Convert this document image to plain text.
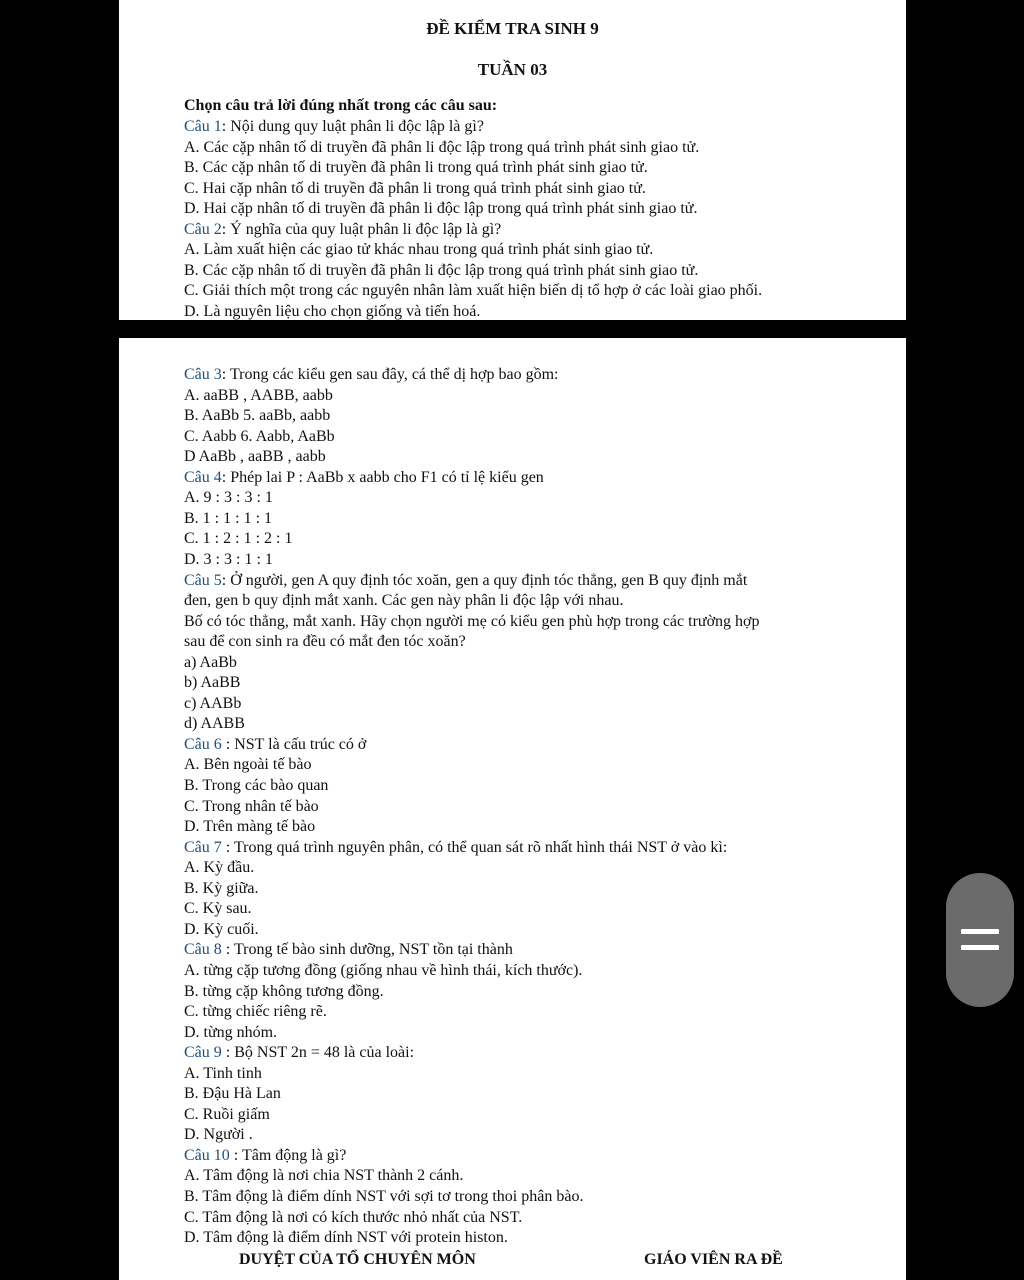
ĐỀ KIỂM TRA SINH 9
TUẦN 03
Chọn câu trả lời đúng nhất trong các câu sau:
Câu 1: Nội dung quy luật phân li độc lập là gì?
A. Các cặp nhân tố di truyền đã phân li độc lập trong quá trình phát sinh giao tử.
B. Các cặp nhân tố di truyền đã phân li trong quá trình phát sinh giao tử.
C. Hai cặp nhân tố di truyền đã phân li trong quá trình phát sinh giao tử.
D. Hai cặp nhân tố di truyền đã phân li độc lập trong quá trình phát sinh giao tử.
Câu 2: Ý nghĩa của quy luật phân li độc lập là gì?
A. Làm xuất hiện các giao tử khác nhau trong quá trình phát sinh giao tử.
B. Các cặp nhân tố di truyền đã phân li độc lập trong quá trình phát sinh giao tử.
C. Giải thích một trong các nguyên nhân làm xuất hiện biến dị tổ hợp ở các loài giao phối.
D. Là nguyên liệu cho chọn giống và tiến hoá.
Câu 3: Trong các kiểu gen sau đây, cá thể dị hợp bao gồm:
A. aaBB , AABB, aabb
B. AaBb 5. aaBb, aabb
C. Aabb 6. Aabb, AaBb
D AaBb , aaBB , aabb
Câu 4: Phép lai P : AaBb x aabb cho F1 có tỉ lệ kiểu gen
A. 9 : 3 : 3 : 1
B. 1 : 1 : 1 : 1
C. 1 : 2 : 1 : 2 : 1
D. 3 : 3 : 1 : 1
Câu 5: Ở người, gen A quy định tóc xoăn, gen a quy định tóc thẳng, gen B quy định mắt
đen, gen b quy định mắt xanh. Các gen này phân li độc lập với nhau.
Bố có tóc thẳng, mắt xanh. Hãy chọn người mẹ có kiểu gen phù hợp trong các trường hợp
sau để con sinh ra đều có mắt đen tóc xoăn?
a) AaBb
b) AaBB
c) AABb
d) AABB
Câu 6 : NST là cấu trúc có ở
A. Bên ngoài tế bào
B. Trong các bào quan
C. Trong nhân tế bào
D. Trên màng tế bào
Câu 7 : Trong quá trình nguyên phân, có thể quan sát rõ nhất hình thái NST ở vào kì:
A. Kỳ đầu.
B. Kỳ giữa.
C. Kỳ sau.
D. Kỳ cuối.
Câu 8 : Trong tế bào sinh dưỡng, NST tồn tại thành
A. từng cặp tương đồng (giống nhau về hình thái, kích thước).
B. từng cặp không tương đồng.
C. từng chiếc riêng rẽ.
D. từng nhóm.
Câu 9 : Bộ NST 2n = 48 là của loài:
A. Tinh tinh
B. Đậu Hà Lan
C. Ruồi giấm
D. Người .
Câu 10 : Tâm động là gì?
A. Tâm động là nơi chia NST thành 2 cánh.
B. Tâm động là điểm dính NST với sợi tơ trong thoi phân bào.
C. Tâm động là nơi có kích thước nhỏ nhất của NST.
D. Tâm động là điểm dính NST với protein histon.
DUYỆT CỦA TỔ CHUYÊN MÔN	GIÁO VIÊN RA ĐỀ
